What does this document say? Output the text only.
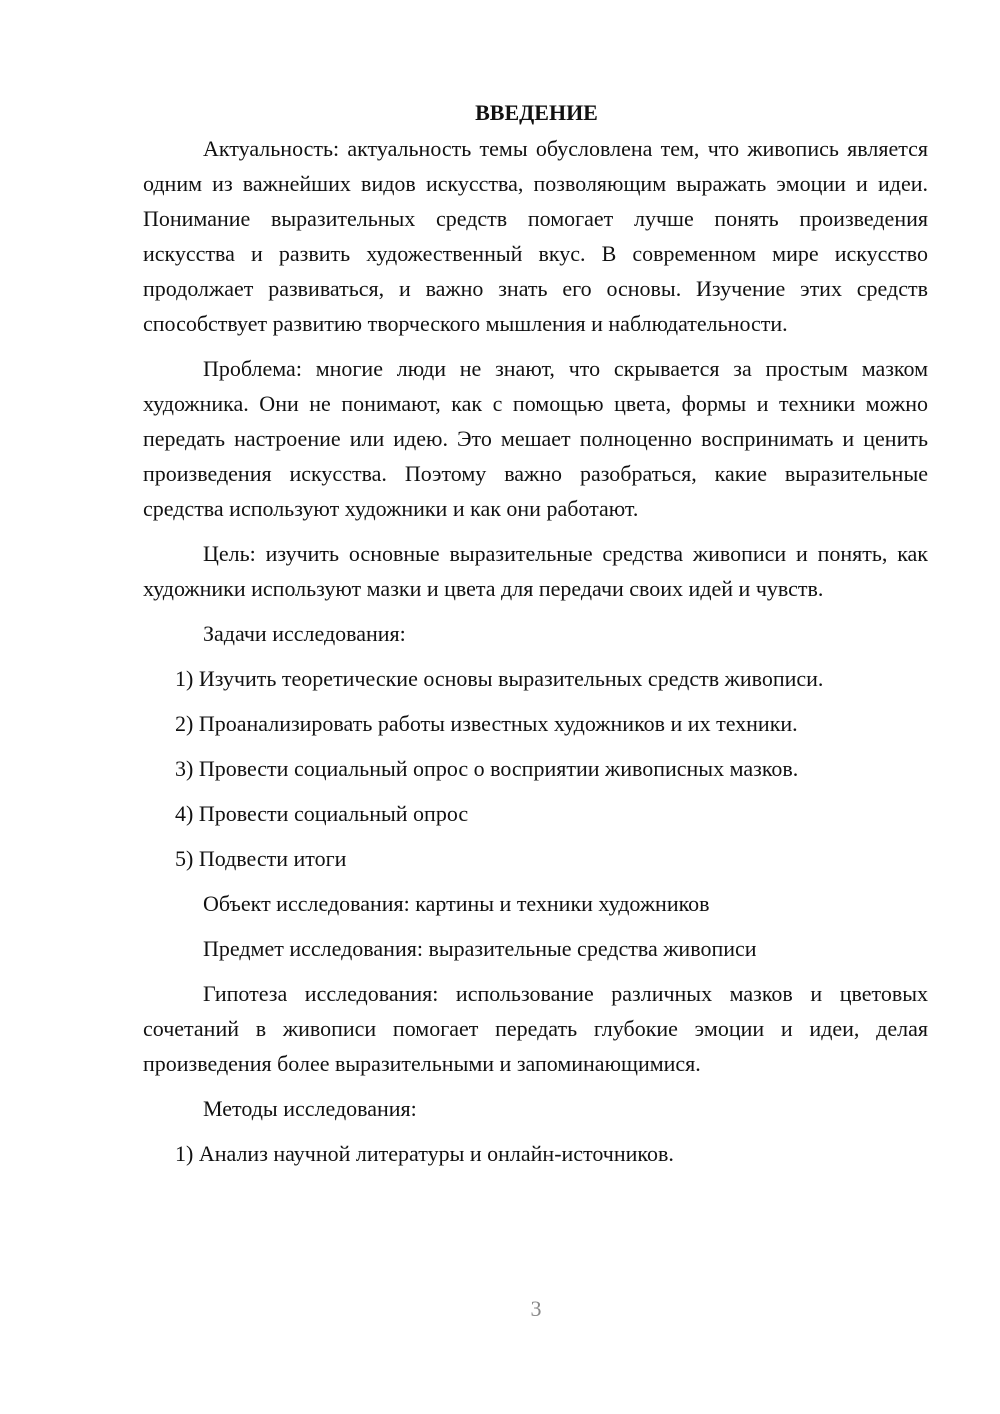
ВВЕДЕНИЕ

Актуальность: актуальность темы обусловлена тем, что живопись является одним из важнейших видов искусства, позволяющим выражать эмоции и идеи. Понимание выразительных средств помогает лучше понять произведения искусства и развить художественный вкус. В современном мире искусство продолжает развиваться, и важно знать его основы. Изучение этих средств способствует развитию творческого мышления и наблюдательности.

Проблема: многие люди не знают, что скрывается за простым мазком художника. Они не понимают, как с помощью цвета, формы и техники можно передать настроение или идею. Это мешает полноценно воспринимать и ценить произведения искусства. Поэтому важно разобраться, какие выразительные средства используют художники и как они работают.

Цель: изучить основные выразительные средства живописи и понять, как художники используют мазки и цвета для передачи своих идей и чувств.

Задачи исследования:

1) Изучить теоретические основы выразительных средств живописи.

2) Проанализировать работы известных художников и их техники.

3) Провести социальный опрос о восприятии живописных мазков.

4) Провести социальный опрос

5) Подвести итоги

Объект исследования: картины и техники художников

Предмет исследования: выразительные средства живописи

Гипотеза исследования: использование различных мазков и цветовых сочетаний в живописи помогает передать глубокие эмоции и идеи, делая произведения более выразительными и запоминающимися.

Методы исследования:

1) Анализ научной литературы и онлайн-источников.

3
